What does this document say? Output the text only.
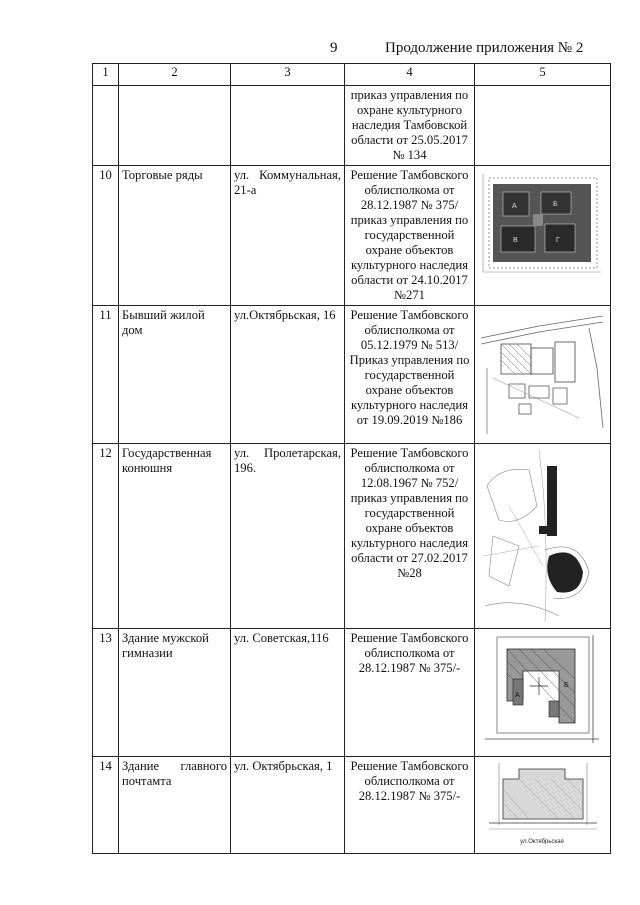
9	Продолжение приложения № 2
1	2	3	4	5
			приказ управления по охране культурного наследия Тамбовской области от 25.05.2017 № 134	
10	Торговые ряды	ул. Коммунальная, 21-а	Решение Тамбовского облисполкома от 28.12.1987 № 375/ приказ управления по государственной охране объектов культурного наследия области от 24.10.2017 №271	А Б
В Г

11	Бывший жилой дом	ул.Октябрьская, 16	Решение Тамбовского облисполкома от 05.12.1979 № 513/Приказ управления по государственной охране объектов культурного наследия от 19.09.2019 №186	

12	Государственная конюшня	ул. Пролетарская, 196.	Решение Тамбовского облисполкома от 12.08.1967 № 752/ приказ управления по государственной охране объектов культурного наследия области от 27.02.2017 №28	

13	Здание мужской гимназии	ул. Советская,116	Решение Тамбовского облисполкома от 28.12.1987 № 375/-	А
Б

14	Здание главного почтамта	ул. Октябрьская, 1	Решение Тамбовского облисполкома от 28.12.1987 № 375/-	ул.Октябрьская
